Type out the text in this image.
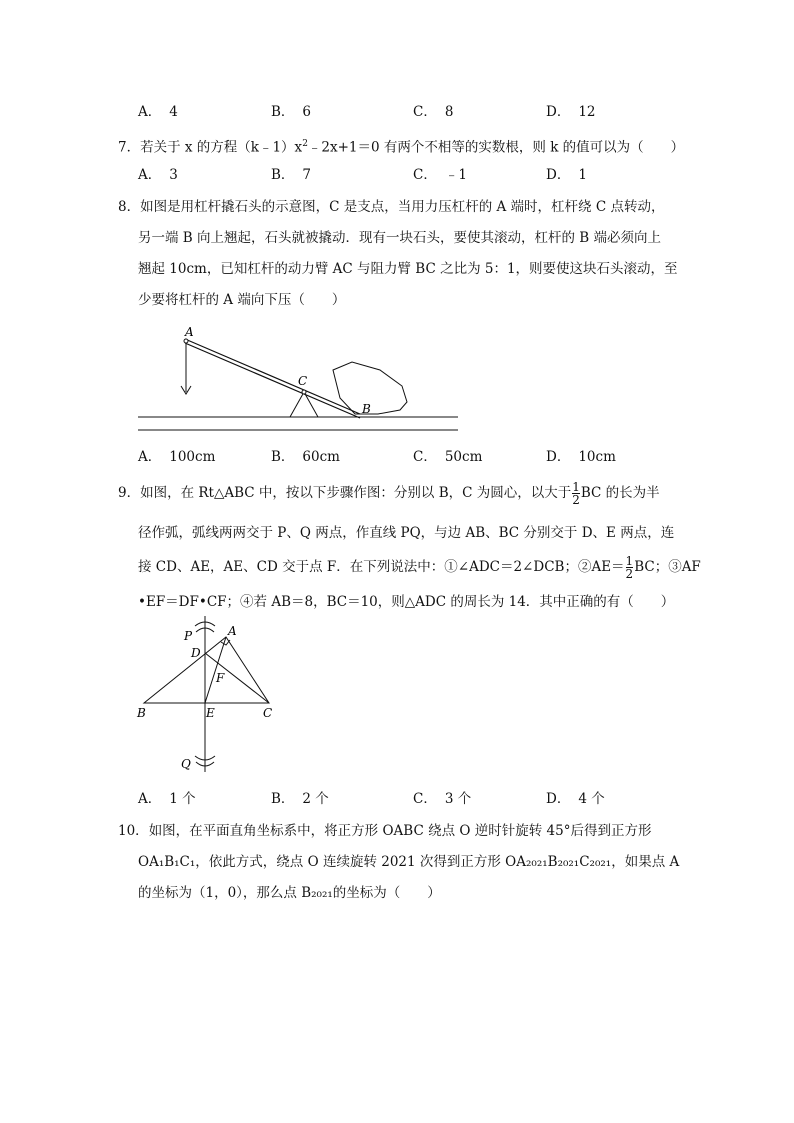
A． 4	B． 6	C． 8	D． 12
7．若关于 x 的方程$(k﹣1)x^2﹣2x+1=0$ 有两个不相等的实数根，则 k 的值可以为（　　）
A． 3	B． 7	C． ﹣1	D． 1
8．如图是用杠杆撬石头的示意图，C 是支点，当用力压杠杆的 A 端时，杠杆绕 C 点转动，
另一端 B 向上翘起，石头就被撬动．现有一块石头，要使其滚动，杠杆的 B 端必须向上
翘起 10cm，已知杠杆的动力臂 AC 与阻力臂 BC 之比为 5：1，则要使这块石头滚动，至
少要将杠杆的 A 端向下压（　　）
A
C
B
A． 100cm	B． 60cm	C． 50cm	D． 10cm
9．如图，在 Rt△ABC 中，按以下步骤作图：分别以 B，C 为圆心，以大于 $\frac{1}{2}$ BC 的长为半
径作弧，弧线两两交于 P、Q 两点，作直线 PQ，与边 AB、BC 分别交于 D、E 两点，连
接 CD、AE，AE、CD 交于点 F．在下列说法中：①∠ADC＝2∠DCB；②AE＝ $\frac{1}{2}$ BC；③AF
•EF＝DF•CF；④若 AB＝8，BC＝10，则△ADC 的周长为 14．其中正确的有（　　）
P	A
D
F
B	E	C
Q
A． 1 个	B． 2 个	C． 3 个	D． 4 个
10．如图，在平面直角坐标系中，将正方形 OABC 绕点 O 逆时针旋转 45°后得到正方形
OA₁B₁C₁，依此方式，绕点 O 连续旋转 2021 次得到正方形 OA₂₀₂₁B₂₀₂₁C₂₀₂₁，如果点 A
的坐标为（1，0），那么点 B₂₀₂₁的坐标为（　　）
